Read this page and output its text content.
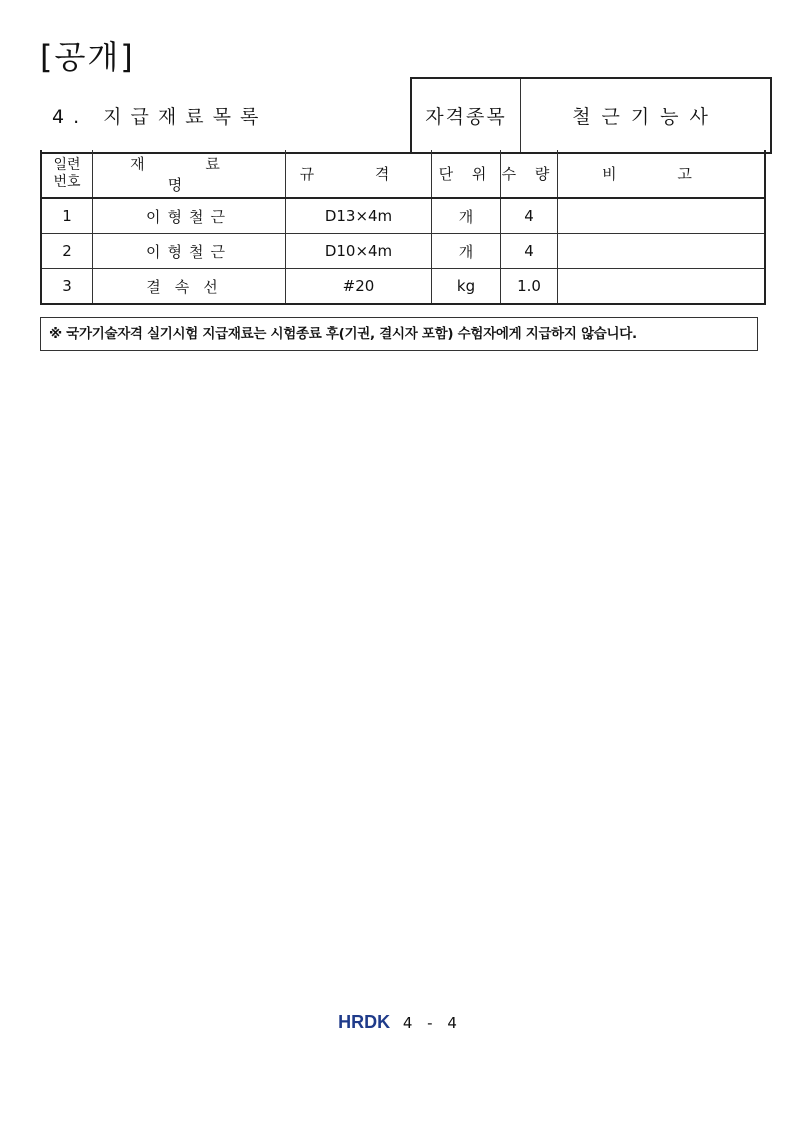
[공개]
4. 지급재료목록	자격종목	철근기능사
일련
번호	재 료 명	규 격	단 위	수 량	비 고
1	이형철근	D13×4m	개	4	
2	이형철근	D10×4m	개	4	
3	결속선	#20	kg	1.0	
※ 국가기술자격 실기시험 지급재료는 시험종료 후(기권, 결시자 포함) 수험자에게 지급하지 않습니다.
HRDK 4 - 4
